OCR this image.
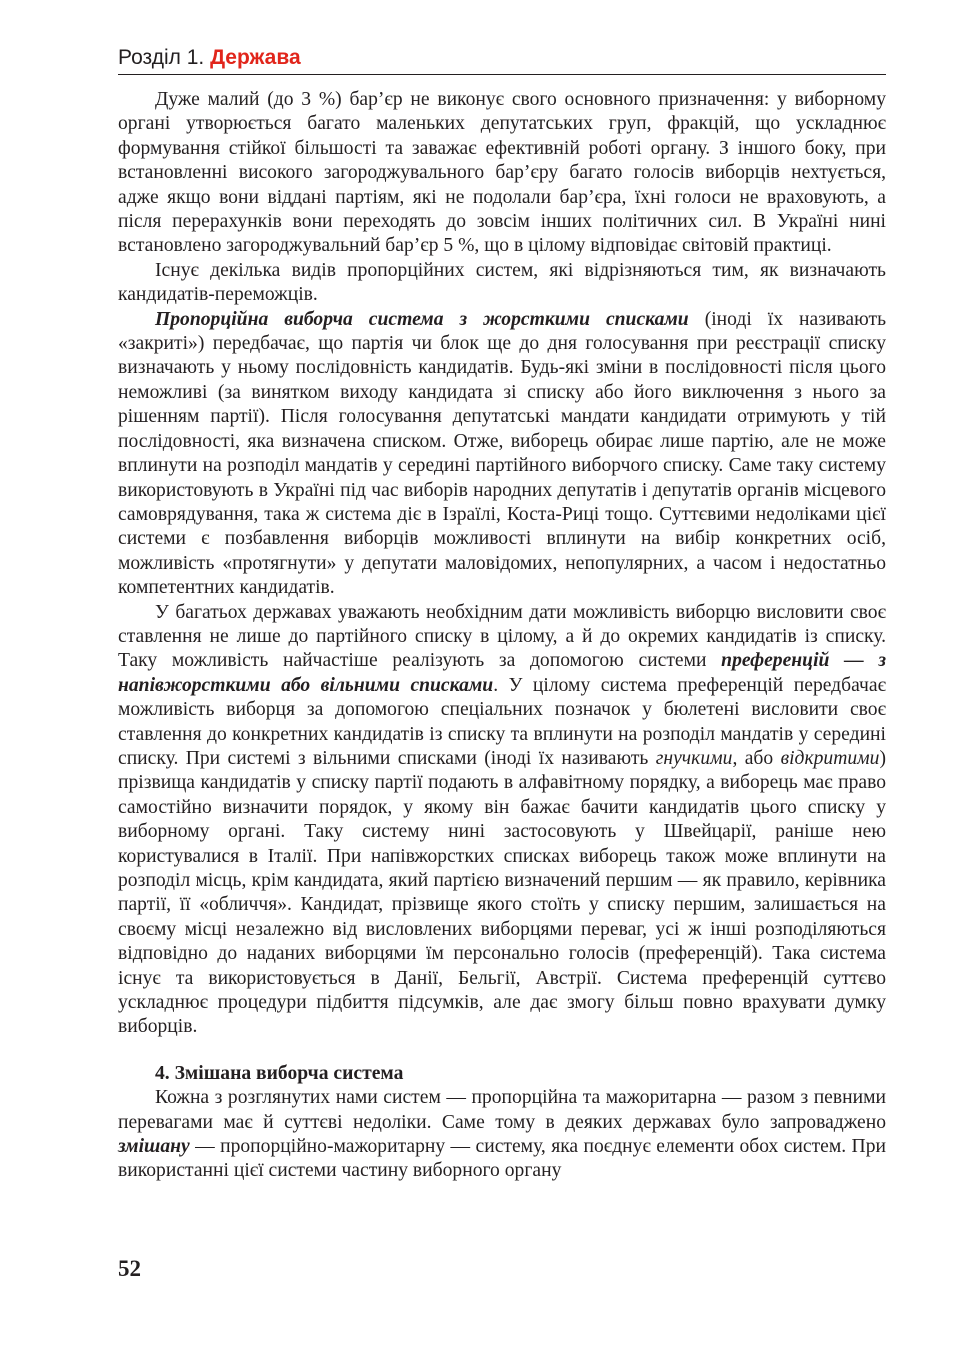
Розділ 1. Держава

Дуже малий (до 3 %) бар’єр не виконує свого основного призначення: у виборному органі утворюється багато маленьких депутатських груп, фракцій, що ускладнює формування стійкої більшості та заважає ефективній роботі органу. З іншого боку, при встановленні високого загороджувального бар’єру багато голосів виборців нехтується, адже якщо вони віддані партіям, які не подолали бар’єра, їхні голоси не враховують, а після перерахунків вони переходять до зовсім інших політичних сил. В Україні нині встановлено загороджувальний бар’єр 5 %, що в цілому відповідає світовій практиці.

Існує декілька видів пропорційних систем, які відрізняються тим, як визначають кандидатів-переможців.

Пропорційна виборча система з жорсткими списками (іноді їх називають «закриті») передбачає, що партія чи блок ще до дня голосування при реєстрації списку визначають у ньому послідовність кандидатів. Будь-які зміни в послідовності після цього неможливі (за винятком виходу кандидата зі списку або його виключення з нього за рішенням партії). Після голосування депутатські мандати кандидати отримують у тій послідовності, яка визначена списком. Отже, виборець обирає лише партію, але не може вплинути на розподіл мандатів у середині партійного виборчого списку. Саме таку систему використовують в Україні під час виборів народних депутатів і депутатів органів місцевого самоврядування, така ж система діє в Ізраїлі, Коста-Риці тощо. Суттєвими недоліками цієї системи є позбавлення виборців можливості вплинути на вибір конкретних осіб, можливість «протягнути» у депутати маловідомих, непопулярних, а часом і недостатньо компетентних кандидатів.

У багатьох державах уважають необхідним дати можливість виборцю висловити своє ставлення не лише до партійного списку в цілому, а й до окремих кандидатів із списку. Таку можливість найчастіше реалізують за допомогою системи преференцій — з напівжорсткими або вільними списками. У цілому система преференцій передбачає можливість виборця за допомогою спеціальних позначок у бюлетені висловити своє ставлення до конкретних кандидатів із списку та вплинути на розподіл мандатів у середині списку. При системі з вільними списками (іноді їх називають гнучкими, або відкритими) прізвища кандидатів у списку партії подають в алфавітному порядку, а виборець має право самостійно визначити порядок, у якому він бажає бачити кандидатів цього списку у виборному органі. Таку систему нині застосовують у Швейцарії, раніше нею користувалися в Італії. При напівжорстких списках виборець також може вплинути на розподіл місць, крім кандидата, який партією визначений першим — як правило, керівника партії, її «обличчя». Кандидат, прізвище якого стоїть у списку першим, залишається на своєму місці незалежно від висловлених виборцями переваг, усі ж інші розподіляються відповідно до наданих виборцями їм персонально голосів (преференцій). Така система існує та використовується в Данії, Бельгії, Австрії. Система преференцій суттєво ускладнює процедури підбиття підсумків, але дає змогу більш повно врахувати думку виборців.

4. Змішана виборча система

Кожна з розглянутих нами систем — пропорційна та мажоритарна — разом з певними перевагами має й суттєві недоліки. Саме тому в деяких державах було запроваджено змішану — пропорційно-мажоритарну — систему, яка поєднує елементи обох систем. При використанні цієї системи частину виборного органу

52
